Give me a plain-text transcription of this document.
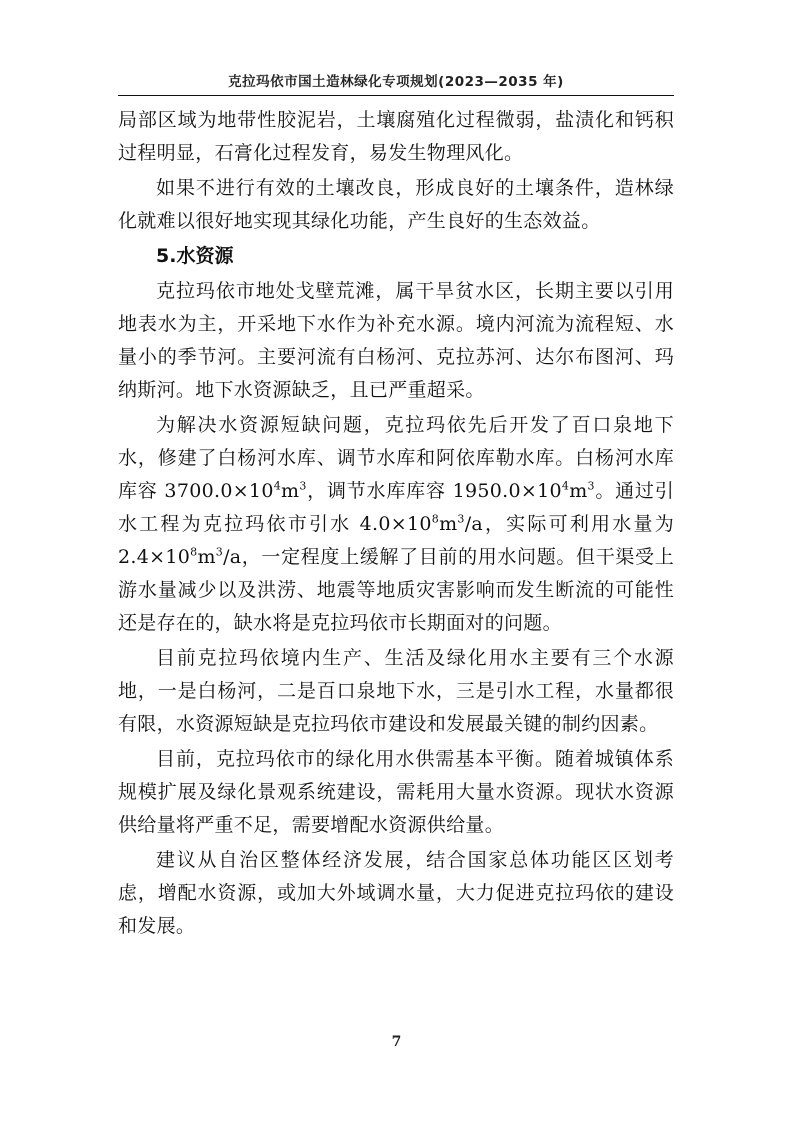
克拉玛依市国土造林绿化专项规划(2023—2035 年)

局部区域为地带性胶泥岩，土壤腐殖化过程微弱，盐渍化和钙积过程明显，石膏化过程发育，易发生物理风化。

如果不进行有效的土壤改良，形成良好的土壤条件，造林绿化就难以很好地实现其绿化功能，产生良好的生态效益。

5.水资源

克拉玛依市地处戈壁荒滩，属干旱贫水区，长期主要以引用地表水为主，开采地下水作为补充水源。境内河流为流程短、水量小的季节河。主要河流有白杨河、克拉苏河、达尔布图河、玛纳斯河。地下水资源缺乏，且已严重超采。

为解决水资源短缺问题，克拉玛依先后开发了百口泉地下水，修建了白杨河水库、调节水库和阿依库勒水库。白杨河水库库容 $3700.0\times 10^4m^3$，调节水库库容 $1950.0\times 10^4m^3$。通过引水工程为克拉玛依市引水 $4.0\times 10^8m^3/a$，实际可利用水量为 $2.4\times 10^8m^3/a$，一定程度上缓解了目前的用水问题。但干渠受上游水量减少以及洪涝、地震等地质灾害影响而发生断流的可能性还是存在的，缺水将是克拉玛依市长期面对的问题。

目前克拉玛依境内生产、生活及绿化用水主要有三个水源地，一是白杨河，二是百口泉地下水，三是引水工程，水量都很有限，水资源短缺是克拉玛依市建设和发展最关键的制约因素。

目前，克拉玛依市的绿化用水供需基本平衡。随着城镇体系规模扩展及绿化景观系统建设，需耗用大量水资源。现状水资源供给量将严重不足，需要增配水资源供给量。

建议从自治区整体经济发展，结合国家总体功能区区划考虑，增配水资源，或加大外域调水量，大力促进克拉玛依的建设和发展。

7
